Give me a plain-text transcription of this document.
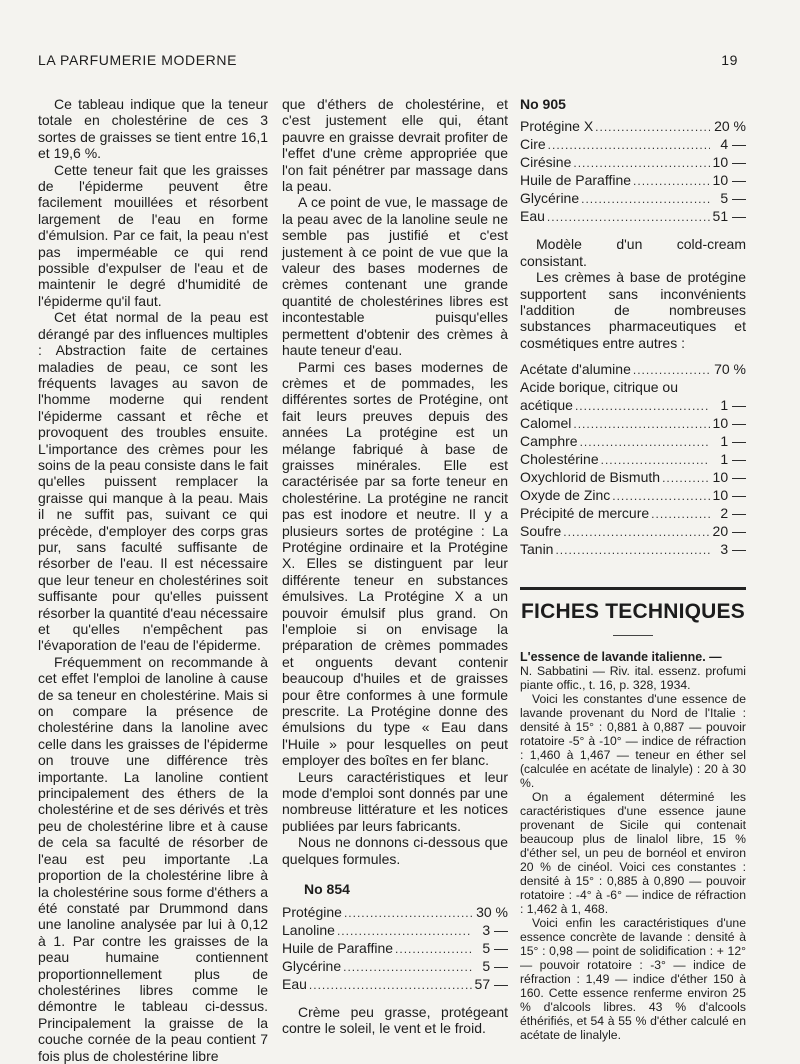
LA PARFUMERIE MODERNE	19

Ce tableau indique que la teneur totale en cholestérine de ces 3 sortes de graisses se tient entre 16,1 et 19,6 %.

Cette teneur fait que les graisses de l'épiderme peuvent être facilement mouillées et résorbent largement de l'eau en forme d'émulsion. Par ce fait, la peau n'est pas imperméable ce qui rend possible d'expulser de l'eau et de maintenir le degré d'humidité de l'épiderme qu'il faut.

Cet état normal de la peau est dérangé par des influences multiples : Abstraction faite de certaines maladies de peau, ce sont les fréquents lavages au savon de l'homme moderne qui rendent l'épiderme cassant et rêche et provoquent des troubles ensuite. L'importance des crèmes pour les soins de la peau consiste dans le fait qu'elles puissent remplacer la graisse qui manque à la peau. Mais il ne suffit pas, suivant ce qui précède, d'employer des corps gras pur, sans faculté suffisante de résorber de l'eau. Il est nécessaire que leur teneur en cholestérines soit suffisante pour qu'elles puissent résorber la quantité d'eau nécessaire et qu'elles n'empêchent pas l'évaporation de l'eau de l'épiderme.

Fréquemment on recommande à cet effet l'emploi de lanoline à cause de sa teneur en cholestérine. Mais si on compare la présence de cholestérine dans la lanoline avec celle dans les graisses de l'épiderme on trouve une différence très importante. La lanoline contient principalement des éthers de la cholestérine et de ses dérivés et très peu de cholestérine libre et à cause de cela sa faculté de résorber de l'eau est peu importante .La proportion de la cholestérine libre à la cholestérine sous forme d'éthers a été constaté par Drummond dans une lanoline analysée par lui à 0,12 à 1. Par contre les graisses de la peau humaine contiennent proportionnellement plus de cholestérines libres comme le démontre le tableau ci-dessus. Principalement la graisse de la couche cornée de la peau contient 7 fois plus de cholestérine libre

que d'éthers de cholestérine, et c'est justement elle qui, étant pauvre en graisse devrait profiter de l'effet d'une crème appropriée que l'on fait pénétrer par massage dans la peau.

A ce point de vue, le massage de la peau avec de la lanoline seule ne semble pas justifié et c'est justement à ce point de vue que la valeur des bases modernes de crèmes contenant une grande quantité de cholestérines libres est incontestable puisqu'elles permettent d'obtenir des crèmes à haute teneur d'eau.

Parmi ces bases modernes de crèmes et de pommades, les différentes sortes de Protégine, ont fait leurs preuves depuis des années La protégine est un mélange fabriqué à base de graisses minérales. Elle est caractérisée par sa forte teneur en cholestérine. La protégine ne rancit pas est inodore et neutre. Il y a plusieurs sortes de protégine : La Protégine ordinaire et la Protégine X. Elles se distinguent par leur différente teneur en substances émulsives. La Protégine X a un pouvoir émulsif plus grand. On l'emploie si on envisage la préparation de crèmes pommades et onguents devant contenir beaucoup d'huiles et de graisses pour être conformes à une formule prescrite. La Protégine donne des émulsions du type « Eau dans l'Huile » pour lesquelles on peut employer des boîtes en fer blanc.

Leurs caractéristiques et leur mode d'emploi sont donnés par une nombreuse littérature et les notices publiées par leurs fabricants.

Nous ne donnons ci-dessous que quelques formules.

No 854
Protégine .....	30 %
Lanoline .....	3 —
Huile de Paraffine .....	5 —
Glycérine .....	5 —
Eau .....	57 —

Crème peu grasse, protégeant contre le soleil, le vent et le froid.

No 905
Protégine X .....	20 %
Cire .....	4 —
Cirésine .....	10 —
Huile de Paraffine .....	10 —
Glycérine .....	5 —
Eau .....	51 —

Modèle d'un cold-cream consistant.

Les crèmes à base de protégine supportent sans inconvénients l'addition de nombreuses substances pharmaceutiques et cosmétiques entre autres :

Acétate d'alumine .....	70 %
Acide borique, citrique ou
acétique .....	1 —
Calomel .....	10 —
Camphre .....	1 —
Cholestérine .....	1 —
Oxychlorid de Bismuth .....	10 —
Oxyde de Zinc .....	10 —
Précipité de mercure .....	2 —
Soufre .....	20 —
Tanin .....	3 —
FICHES TECHNIQUES

L'essence de lavande italienne. —

N. Sabbatini — Riv. ital. essenz. profumi piante offic., t. 16, p. 328, 1934.

Voici les constantes d'une essence de lavande provenant du Nord de l'Italie : densité à 15° : 0,881 à 0,887 — pouvoir rotatoire -5° à -10° — indice de réfraction : 1,460 à 1,467 — teneur en éther sel (calculée en acétate de linalyle) : 20 à 30 %.

On a également déterminé les caractéristiques d'une essence jaune provenant de Sicile qui contenait beaucoup plus de linalol libre, 15 % d'éther sel, un peu de bornéol et environ 20 % de cinéol. Voici ces constantes : densité à 15° : 0,885 à 0,890 — pouvoir rotatoire : -4° à -6° — indice de réfraction : 1,462 à 1, 468.

Voici enfin les caractéristiques d'une essence concrète de lavande : densité à 15° : 0,98 — point de solidification : + 12° — pouvoir rotatoire : -3° — indice de réfraction : 1,49 — indice d'éther 150 à 160. Cette essence renferme environ 25 % d'alcools libres. 43 % d'alcools éthérifiés, et 54 à 55 % d'éther calculé en acétate de linalyle.
